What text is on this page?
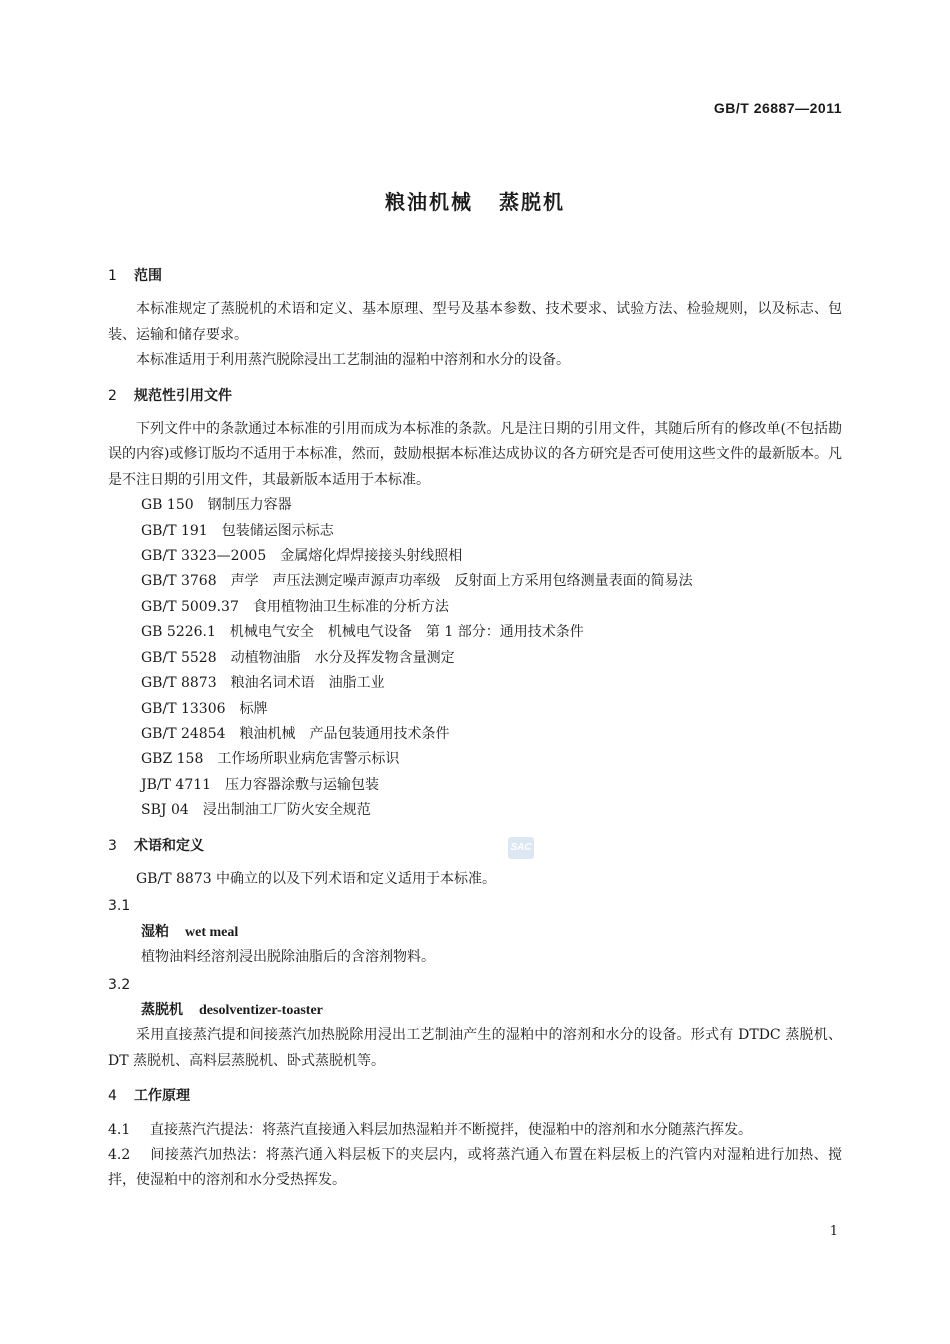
GB/T 26887—2011
粮油机械 蒸脱机
SAC
1 范围

本标准规定了蒸脱机的术语和定义、基本原理、型号及基本参数、技术要求、试验方法、检验规则，以及标志、包装、运输和储存要求。

本标准适用于利用蒸汽脱除浸出工艺制油的湿粕中溶剂和水分的设备。

2 规范性引用文件

下列文件中的条款通过本标准的引用而成为本标准的条款。凡是注日期的引用文件，其随后所有的修改单(不包括勘误的内容)或修订版均不适用于本标准，然而，鼓励根据本标准达成协议的各方研究是否可使用这些文件的最新版本。凡是不注日期的引用文件，其最新版本适用于本标准。

GB 150 钢制压力容器
GB/T 191 包装储运图示标志
GB/T 3323—2005 金属熔化焊焊接接头射线照相
GB/T 3768 声学　声压法测定噪声源声功率级　反射面上方采用包络测量表面的简易法
GB/T 5009.37 食用植物油卫生标准的分析方法
GB 5226.1 机械电气安全　机械电气设备　第 1 部分：通用技术条件
GB/T 5528 动植物油脂　水分及挥发物含量测定
GB/T 8873 粮油名词术语　油脂工业
GB/T 13306 标牌
GB/T 24854 粮油机械　产品包装通用技术条件
GBZ 158 工作场所职业病危害警示标识
JB/T 4711 压力容器涂敷与运输包装
SBJ 04 浸出制油工厂防火安全规范
3 术语和定义

GB/T 8873 中确立的以及下列术语和定义适用于本标准。

3.1
湿粕 wet meal
植物油料经溶剂浸出脱除油脂后的含溶剂物料。
3.2
蒸脱机 desolventizer-toaster

采用直接蒸汽提和间接蒸汽加热脱除用浸出工艺制油产生的湿粕中的溶剂和水分的设备。形式有 DTDC 蒸脱机、DT 蒸脱机、高料层蒸脱机、卧式蒸脱机等。

4 工作原理

4.1 直接蒸汽汽提法：将蒸汽直接通入料层加热湿粕并不断搅拌，使湿粕中的溶剂和水分随蒸汽挥发。

4.2 间接蒸汽加热法：将蒸汽通入料层板下的夹层内，或将蒸汽通入布置在料层板上的汽管内对湿粕进行加热、搅拌，使湿粕中的溶剂和水分受热挥发。

1
